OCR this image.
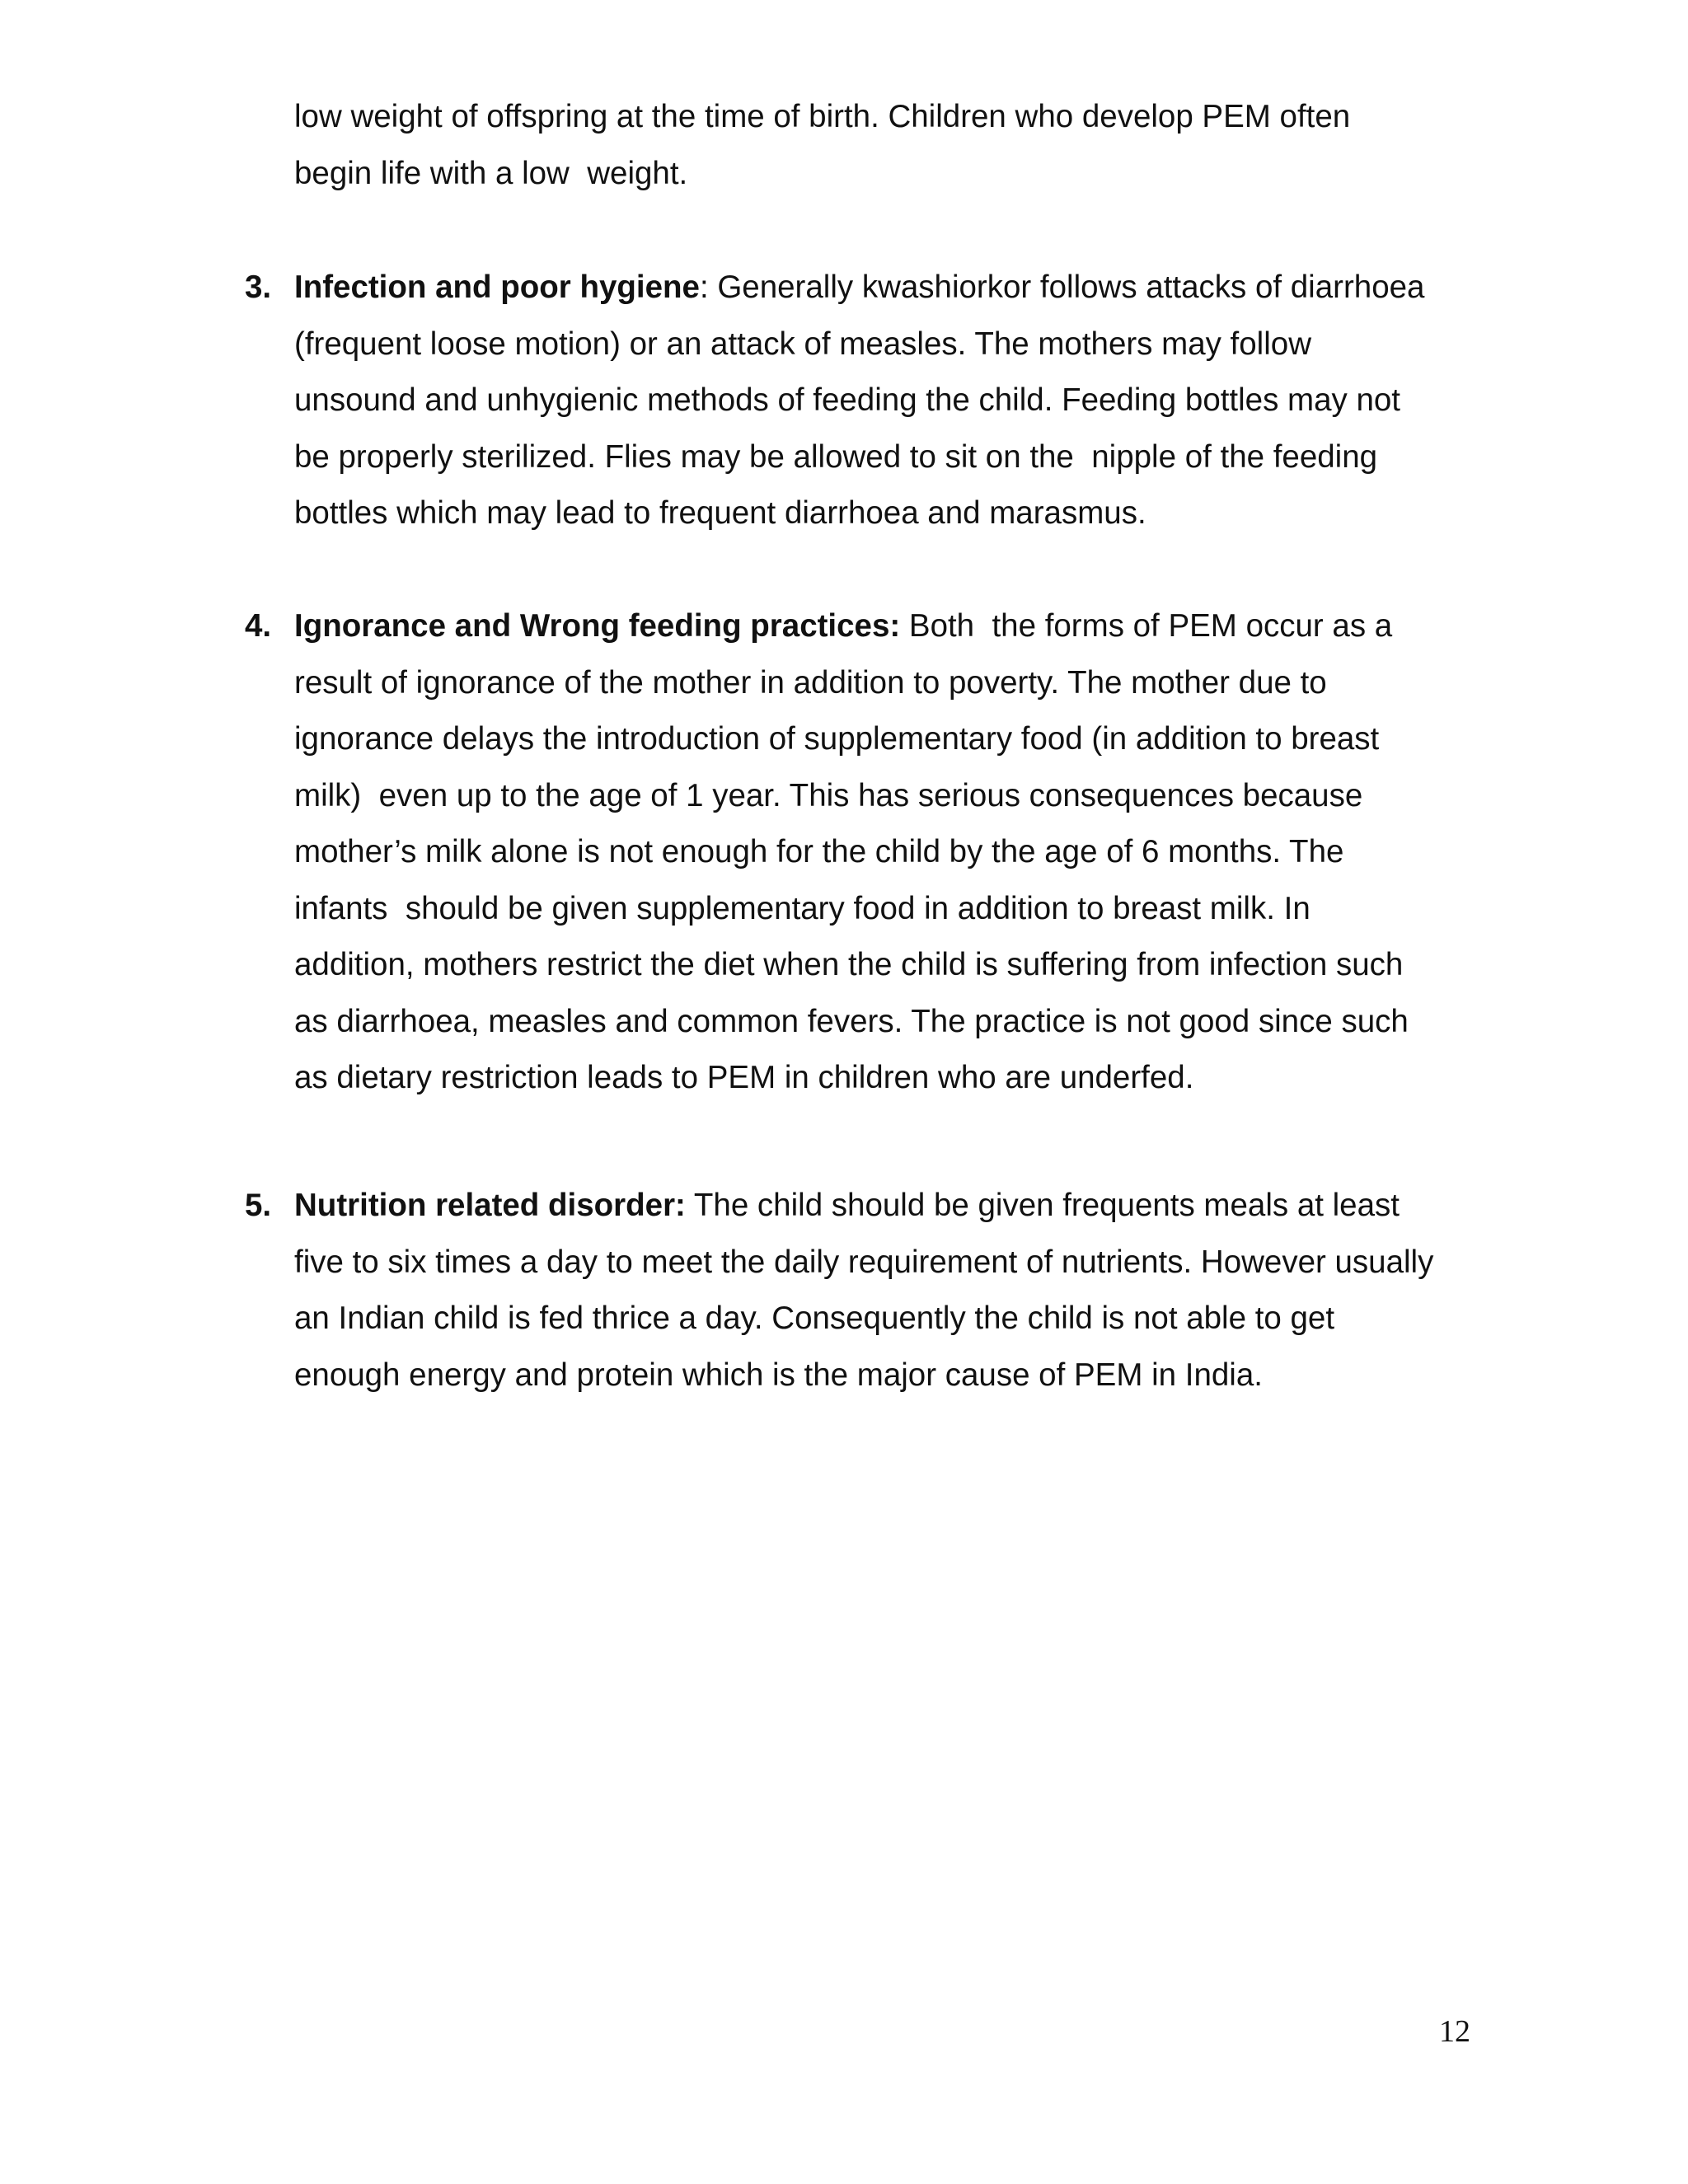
low weight of offspring at the time of birth. Children who develop PEM often
begin life with a low  weight.
3. Infection and poor hygiene: Generally kwashiorkor follows attacks of diarrhoea
(frequent loose motion) or an attack of measles. The mothers may follow
unsound and unhygienic methods of feeding the child. Feeding bottles may not
be properly sterilized. Flies may be allowed to sit on the  nipple of the feeding
bottles which may lead to frequent diarrhoea and marasmus.
4. Ignorance and Wrong feeding practices: Both  the forms of PEM occur as a
result of ignorance of the mother in addition to poverty. The mother due to
ignorance delays the introduction of supplementary food (in addition to breast
milk)  even up to the age of 1 year. This has serious consequences because
mother’s milk alone is not enough for the child by the age of 6 months. The
infants  should be given supplementary food in addition to breast milk. In
addition, mothers restrict the diet when the child is suffering from infection such
as diarrhoea, measles and common fevers. The practice is not good since such
as dietary restriction leads to PEM in children who are underfed.
5. Nutrition related disorder: The child should be given frequents meals at least
five to six times a day to meet the daily requirement of nutrients. However usually
an Indian child is fed thrice a day. Consequently the child is not able to get
enough energy and protein which is the major cause of PEM in India.
12
